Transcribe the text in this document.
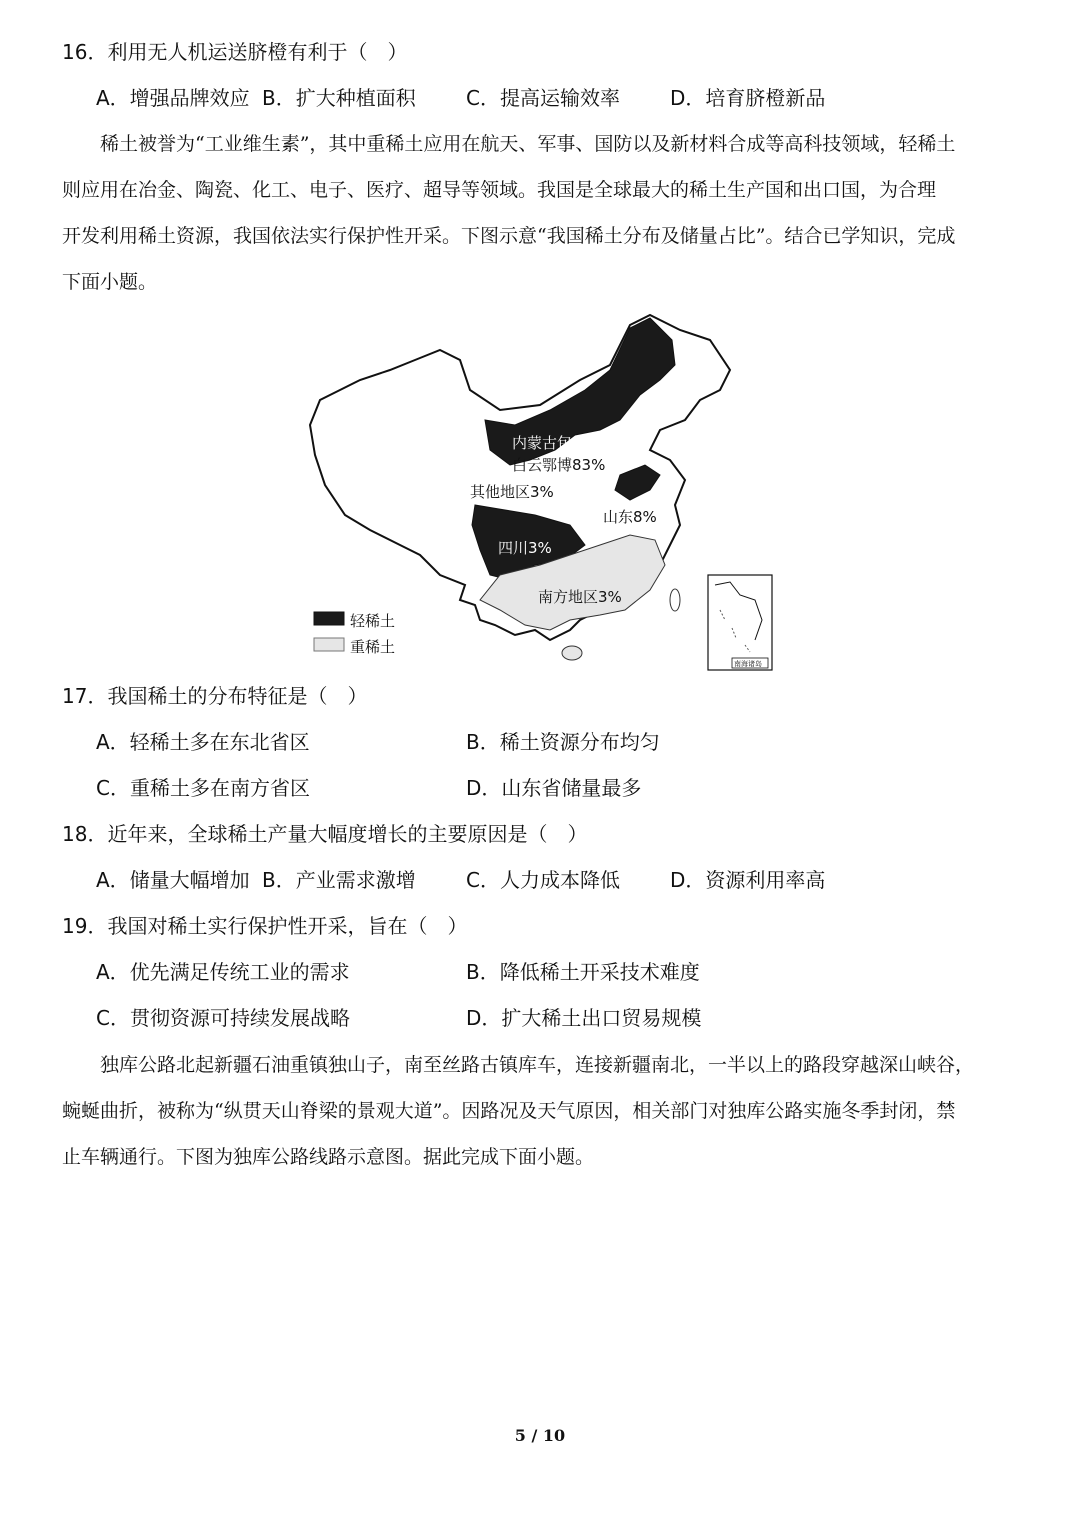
16．利用无人机运送脐橙有利于（　）
A．增强品牌效应 B．扩大种植面积	C．提高运输效率	D．培育脐橙新品
稀土被誉为“工业维生素”，其中重稀土应用在航天、军事、国防以及新材料合成等高科技领域，轻稀土
则应用在冶金、陶瓷、化工、电子、医疗、超导等领域。我国是全球最大的稀土生产国和出口国，为合理
开发利用稀土资源，我国依法实行保护性开采。下图示意“我国稀土分布及储量占比”。结合已学知识，完成
下面小题。
内蒙古包头
白云鄂博83%
其他地区3%
山东8%
四川3%
南方地区3%
南海诸岛
轻稀土
重稀土
17．我国稀土的分布特征是（　）
A．轻稀土多在东北省区	B．稀土资源分布均匀
C．重稀土多在南方省区	D．山东省储量最多
18．近年来，全球稀土产量大幅度增长的主要原因是（　）
A．储量大幅增加 B．产业需求激增	C．人力成本降低	D．资源利用率高
19．我国对稀土实行保护性开采，旨在（　）
A．优先满足传统工业的需求	B．降低稀土开采技术难度
C．贯彻资源可持续发展战略	D．扩大稀土出口贸易规模
独库公路北起新疆石油重镇独山子，南至丝路古镇库车，连接新疆南北，一半以上的路段穿越深山峡谷，
蜿蜒曲折，被称为“纵贯天山脊梁的景观大道”。因路况及天气原因，相关部门对独库公路实施冬季封闭，禁
止车辆通行。下图为独库公路线路示意图。据此完成下面小题。
5 / 10
